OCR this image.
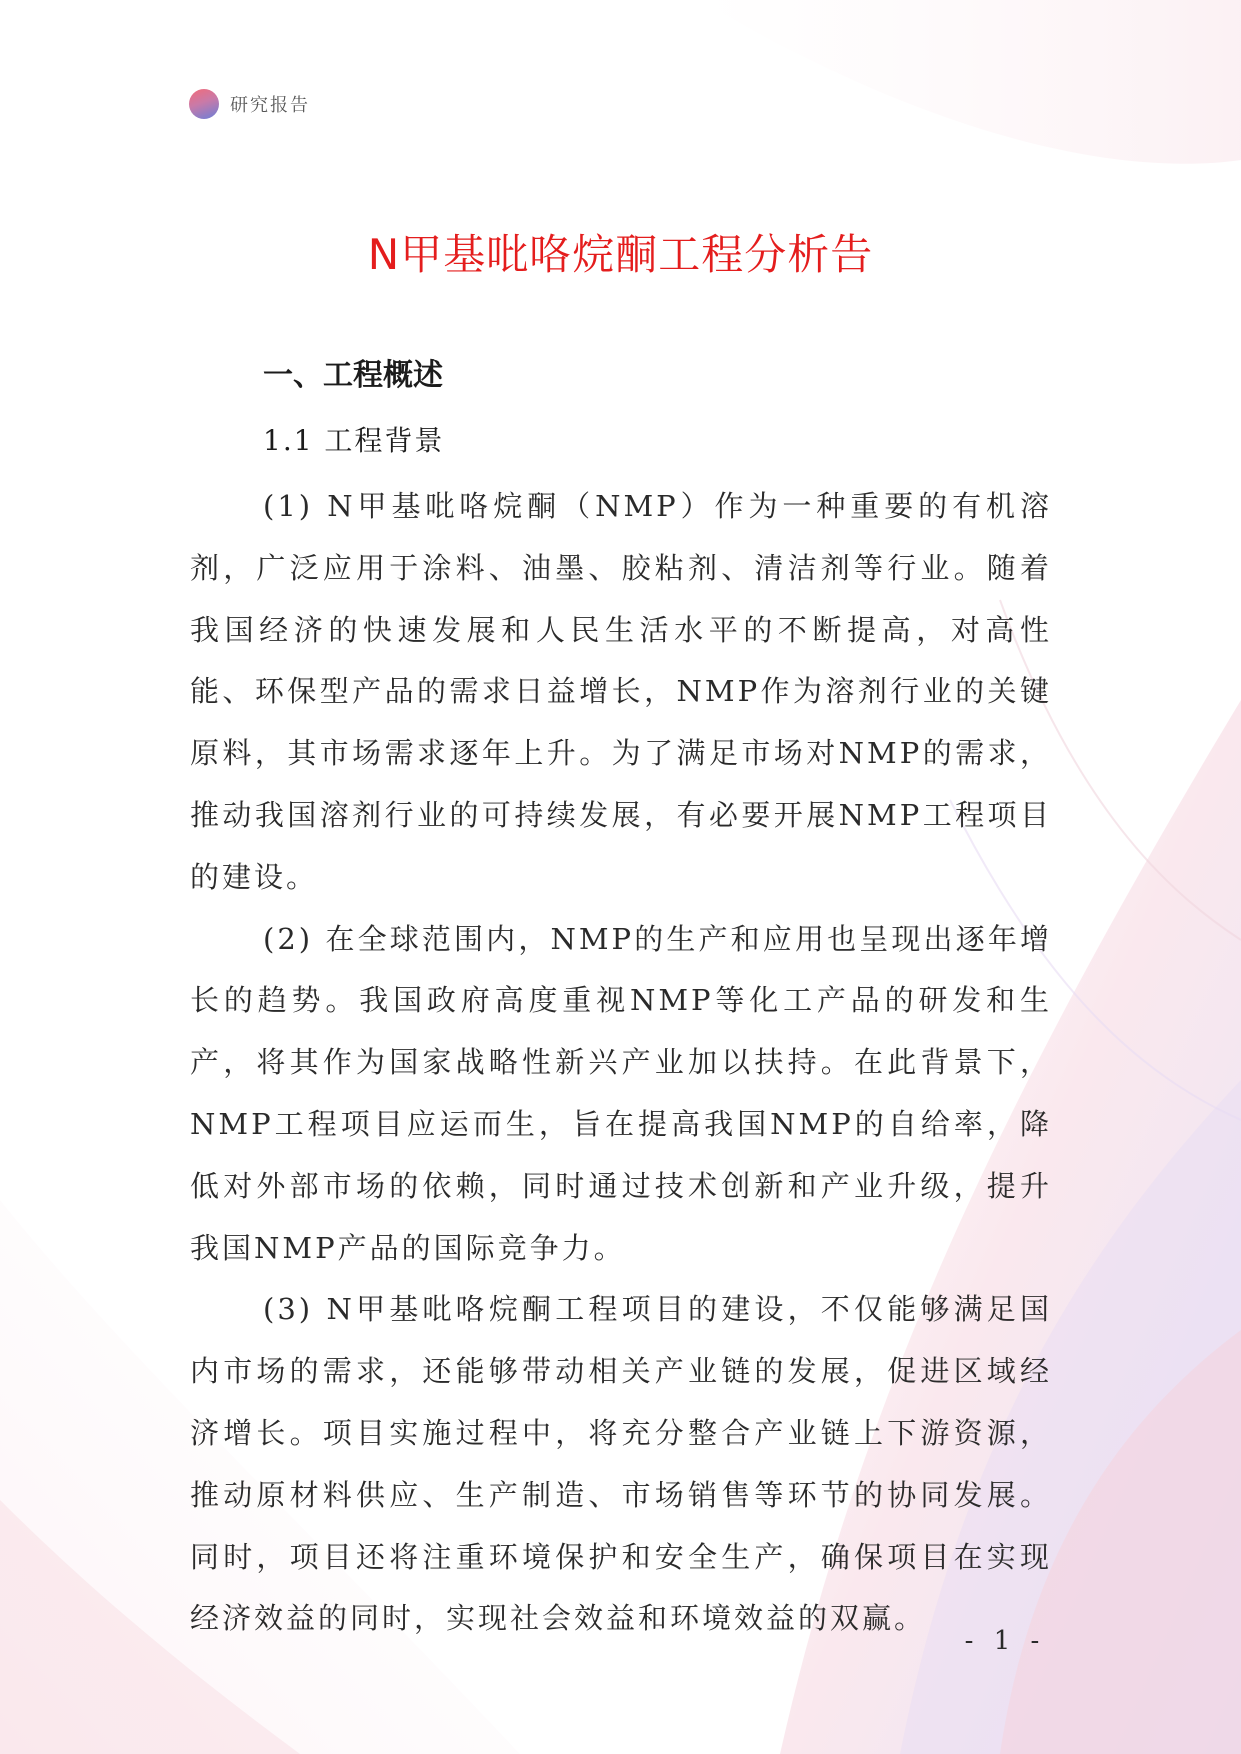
研究报告
N甲基吡咯烷酮工程分析告
一、工程概述
1.1 工程背景

(1) N甲基吡咯烷酮（NMP）作为一种重要的有机溶剂，广泛应用于涂料、油墨、胶粘剂、清洁剂等行业。随着我国经济的快速发展和人民生活水平的不断提高，对高性能、环保型产品的需求日益增长，NMP作为溶剂行业的关键原料，其市场需求逐年上升。为了满足市场对NMP的需求，推动我国溶剂行业的可持续发展，有必要开展NMP工程项目的建设。

(2) 在全球范围内，NMP的生产和应用也呈现出逐年增长的趋势。我国政府高度重视NMP等化工产品的研发和生产，将其作为国家战略性新兴产业加以扶持。在此背景下，NMP工程项目应运而生，旨在提高我国NMP的自给率，降低对外部市场的依赖，同时通过技术创新和产业升级，提升我国NMP产品的国际竞争力。

(3) N甲基吡咯烷酮工程项目的建设，不仅能够满足国内市场的需求，还能够带动相关产业链的发展，促进区域经济增长。项目实施过程中，将充分整合产业链上下游资源，推动原材料供应、生产制造、市场销售等环节的协同发展。同时，项目还将注重环境保护和安全生产，确保项目在实现经济效益的同时，实现社会效益和环境效益的双赢。

- 1 -
